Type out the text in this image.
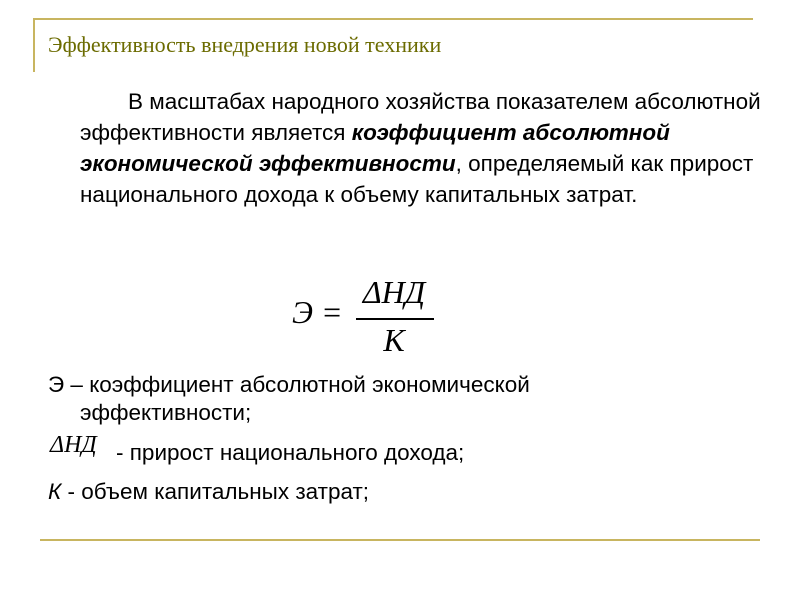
Эффективность внедрения новой техники
В масштабах народного хозяйства показателем абсолютной эффективности является коэффициент абсолютной экономической эффективности, определяемый как прирост национального дохода к объему капитальных затрат.
Э =
ΔНД
К
Э – коэффициент абсолютной экономической
эффективности;
ΔНД - прирост национального дохода;
К - объем капитальных затрат;
